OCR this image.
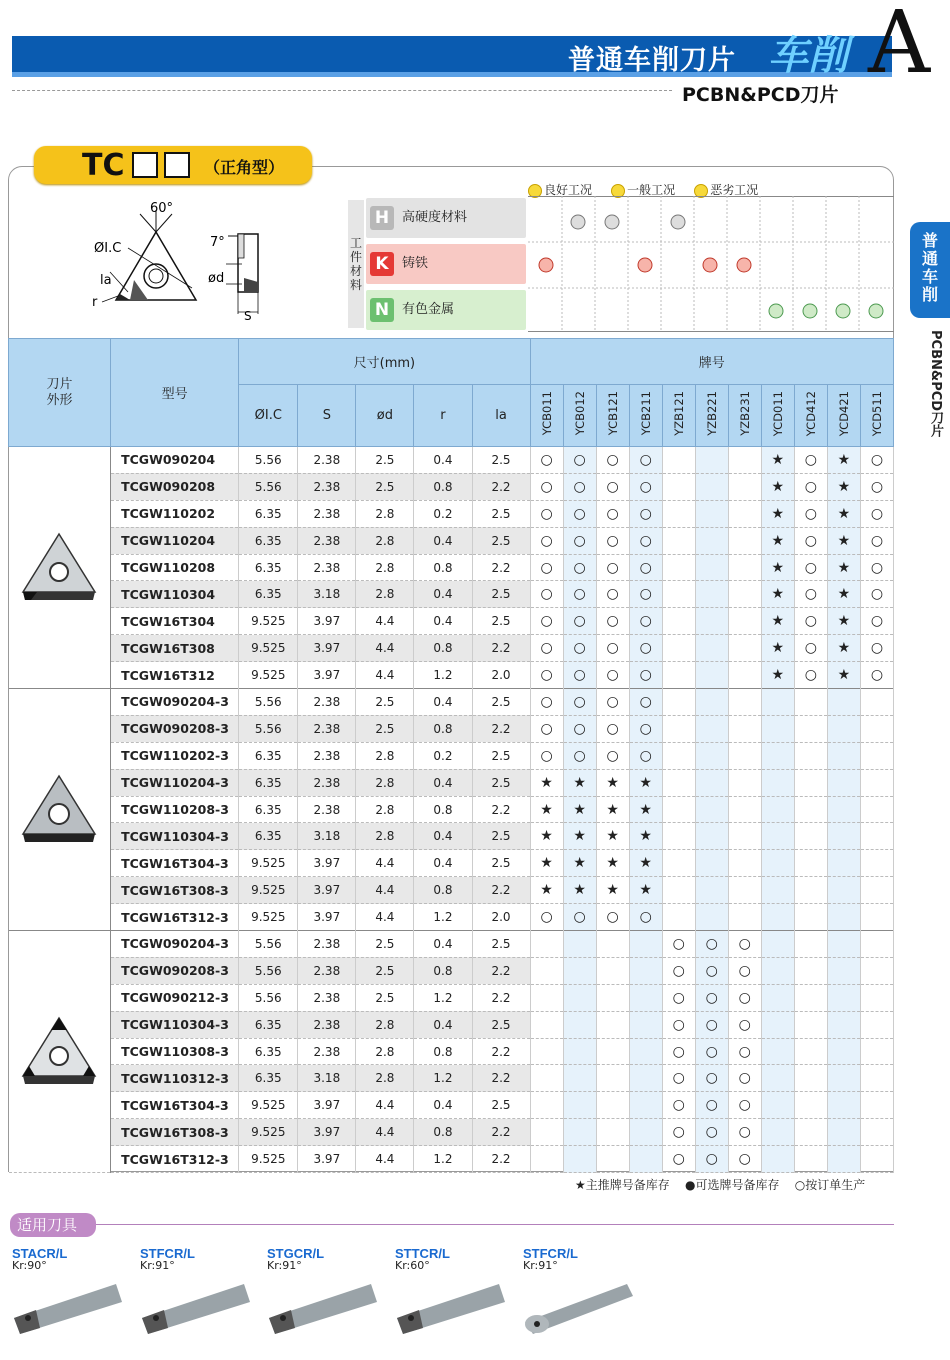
普通车削刀片 车削 A
PCBN&PCD刀片
普
通
车
削
PCBN&PCD刀片
TC	（正角型）
60°
ØI.C
la
r
7°
ød
S
良好工况	一般工况	恶劣工况
工件材料
H 高硬度材料
K	铸铁
N 有色金属
刀片外形	型号	尺寸(mm)					牌号										
		ØI.C	S	ød	r	la	YCB011	YCB012	YCB121	YCB211	YZB121	YZB221	YZB231	YCD011	YCD412	YCD421	YCD511
	TCGW090204	5.56	2.38	2.5	0.4	2.5	○	○	○	○				★	○	★	○
	TCGW090208	5.56	2.38	2.5	0.8	2.2	○	○	○	○				★	○	★	○
	TCGW110202	6.35	2.38	2.8	0.2	2.5	○	○	○	○				★	○	★	○
	TCGW110204	6.35	2.38	2.8	0.4	2.5	○	○	○	○				★	○	★	○
	TCGW110208	6.35	2.38	2.8	0.8	2.2	○	○	○	○				★	○	★	○
	TCGW110304	6.35	3.18	2.8	0.4	2.5	○	○	○	○				★	○	★	○
	TCGW16T304	9.525	3.97	4.4	0.4	2.5	○	○	○	○				★	○	★	○
	TCGW16T308	9.525	3.97	4.4	0.8	2.2	○	○	○	○				★	○	★	○
	TCGW16T312	9.525	3.97	4.4	1.2	2.0	○	○	○	○				★	○	★	○
	TCGW090204-3	5.56	2.38	2.5	0.4	2.5	○	○	○	○							
	TCGW090208-3	5.56	2.38	2.5	0.8	2.2	○	○	○	○							
	TCGW110202-3	6.35	2.38	2.8	0.2	2.5	○	○	○	○							
	TCGW110204-3	6.35	2.38	2.8	0.4	2.5	★	★	★	★							
	TCGW110208-3	6.35	2.38	2.8	0.8	2.2	★	★	★	★							
	TCGW110304-3	6.35	3.18	2.8	0.4	2.5	★	★	★	★							
	TCGW16T304-3	9.525	3.97	4.4	0.4	2.5	★	★	★	★							
	TCGW16T308-3	9.525	3.97	4.4	0.8	2.2	★	★	★	★							
	TCGW16T312-3	9.525	3.97	4.4	1.2	2.0	○	○	○	○							
	TCGW090204-3	5.56	2.38	2.5	0.4	2.5					○	○	○				
	TCGW090208-3	5.56	2.38	2.5	0.8	2.2					○	○	○				
	TCGW090212-3	5.56	2.38	2.5	1.2	2.2					○	○	○				
	TCGW110304-3	6.35	2.38	2.8	0.4	2.5					○	○	○				
	TCGW110308-3	6.35	2.38	2.8	0.8	2.2					○	○	○				
	TCGW110312-3	6.35	3.18	2.8	1.2	2.2					○	○	○				
	TCGW16T304-3	9.525	3.97	4.4	0.4	2.5					○	○	○				
	TCGW16T308-3	9.525	3.97	4.4	0.8	2.2					○	○	○				
	TCGW16T312-3	9.525	3.97	4.4	1.2	2.2					○	○	○				
★主推牌号备库存 ●可选牌号备库存 ○按订单生产
适用刀具
STACR/L
Kr:90°
STFCR/L
Kr:91°
STGCR/L
Kr:91°
STTCR/L
Kr:60°
STFCR/L
Kr:91°
